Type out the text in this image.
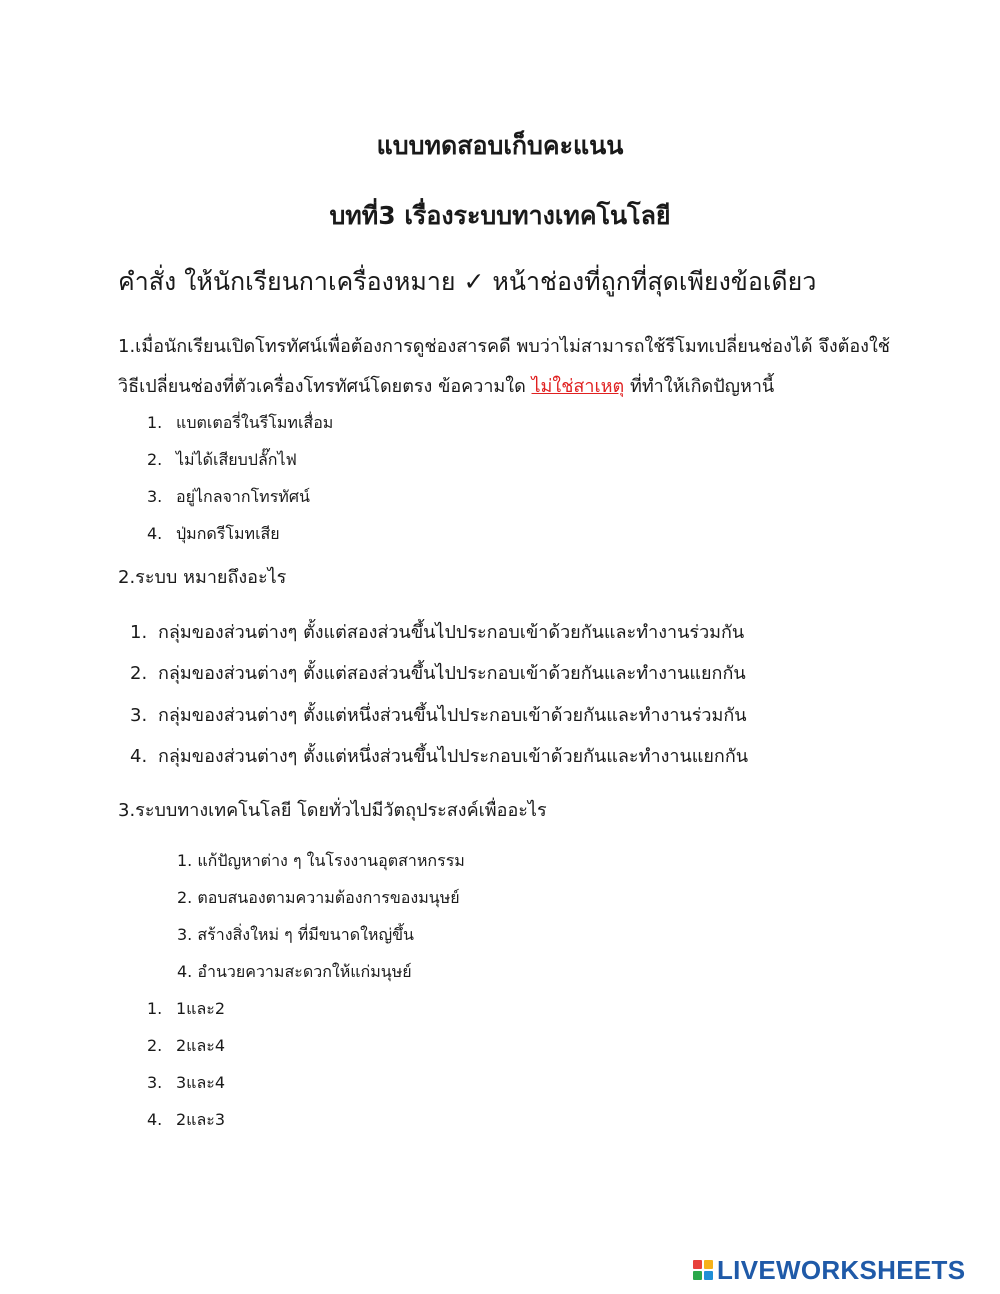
แบบทดสอบเก็บคะแนน
บทที่3 เรื่องระบบทางเทคโนโลยี
คำสั่ง ให้นักเรียนกาเครื่องหมาย ✓ หน้าช่องที่ถูกที่สุดเพียงข้อเดียว
1.เมื่อนักเรียนเปิดโทรทัศน์เพื่อต้องการดูช่องสารคดี พบว่าไม่สามารถใช้รีโมทเปลี่ยนช่องได้ จึงต้องใช้
วิธีเปลี่ยนช่องที่ตัวเครื่องโทรทัศน์โดยตรง ข้อความใด ไม่ใช่สาเหตุ ที่ทำให้เกิดปัญหานี้
1. แบตเตอรี่ในรีโมทเสื่อม
2. ไม่ได้เสียบปลั๊กไฟ
3. อยู่ไกลจากโทรทัศน์
4. ปุ่มกดรีโมทเสีย
2.ระบบ หมายถึงอะไร
1. กลุ่มของส่วนต่างๆ ตั้งแต่สองส่วนขึ้นไปประกอบเข้าด้วยกันและทำงานร่วมกัน
2. กลุ่มของส่วนต่างๆ ตั้งแต่สองส่วนขึ้นไปประกอบเข้าด้วยกันและทำงานแยกกัน
3. กลุ่มของส่วนต่างๆ ตั้งแต่หนึ่งส่วนขึ้นไปประกอบเข้าด้วยกันและทำงานร่วมกัน
4. กลุ่มของส่วนต่างๆ ตั้งแต่หนึ่งส่วนขึ้นไปประกอบเข้าด้วยกันและทำงานแยกกัน
3.ระบบทางเทคโนโลยี โดยทั่วไปมีวัตถุประสงค์เพื่ออะไร
1. แก้ปัญหาต่าง ๆ ในโรงงานอุตสาหกรรม
2. ตอบสนองตามความต้องการของมนุษย์
3. สร้างสิ่งใหม่ ๆ ที่มีขนาดใหญ่ขึ้น
4. อำนวยความสะดวกให้แก่มนุษย์
1. 1และ2
2. 2และ4
3. 3และ4
4. 2และ3
LIVEWORKSHEETS
